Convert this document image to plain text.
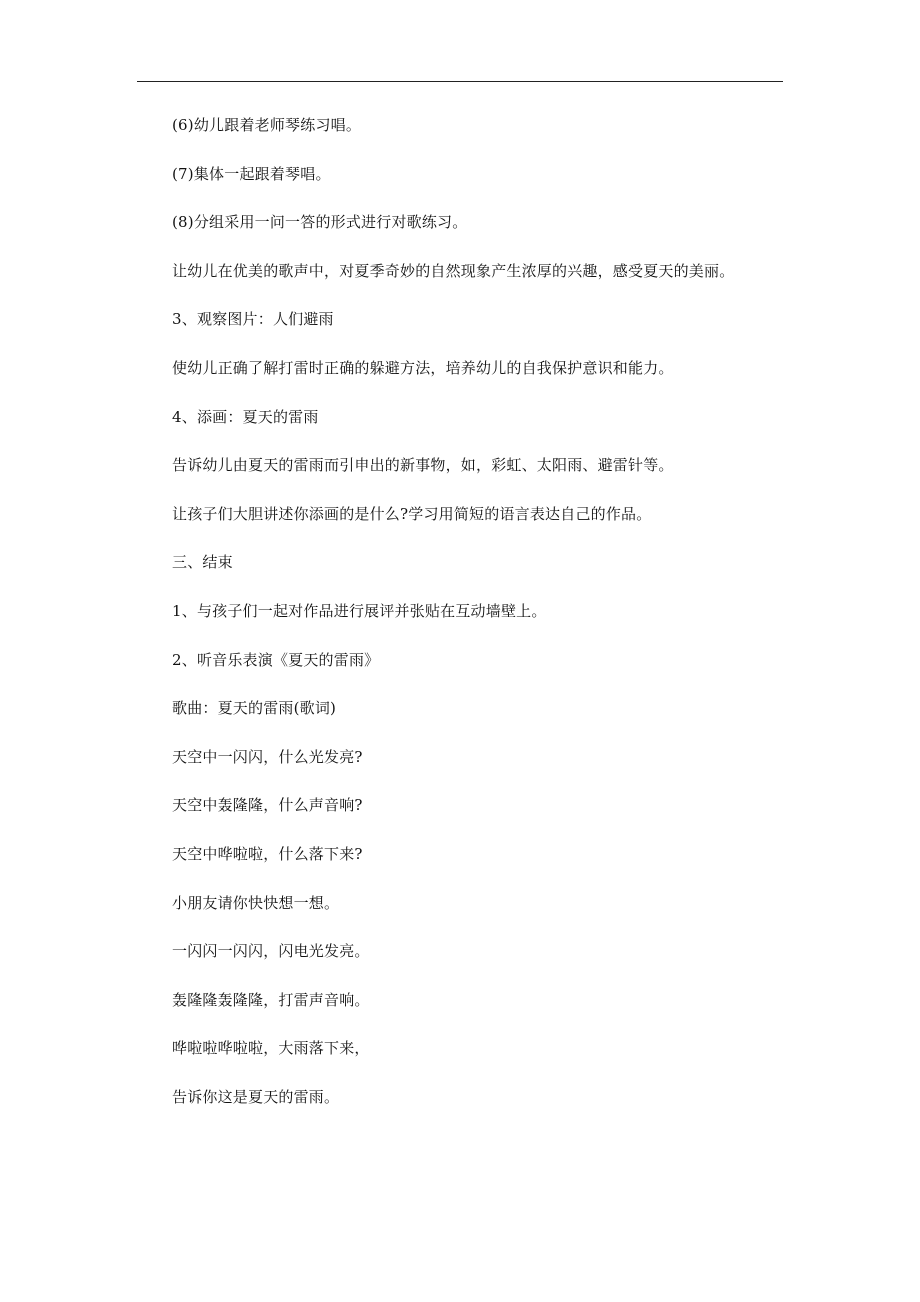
(6)幼儿跟着老师琴练习唱。
(7)集体一起跟着琴唱。
(8)分组采用一问一答的形式进行对歌练习。
让幼儿在优美的歌声中，对夏季奇妙的自然现象产生浓厚的兴趣，感受夏天的美丽。
3、观察图片：人们避雨
使幼儿正确了解打雷时正确的躲避方法，培养幼儿的自我保护意识和能力。
4、添画：夏天的雷雨
告诉幼儿由夏天的雷雨而引申出的新事物，如，彩虹、太阳雨、避雷针等。
让孩子们大胆讲述你添画的是什么?学习用简短的语言表达自己的作品。
三、结束
1、与孩子们一起对作品进行展评并张贴在互动墙壁上。
2、听音乐表演《夏天的雷雨》
歌曲：夏天的雷雨(歌词)
天空中一闪闪，什么光发亮?
天空中轰隆隆，什么声音响?
天空中哗啦啦，什么落下来?
小朋友请你快快想一想。
一闪闪一闪闪，闪电光发亮。
轰隆隆轰隆隆，打雷声音响。
哗啦啦哗啦啦，大雨落下来，
告诉你这是夏天的雷雨。
